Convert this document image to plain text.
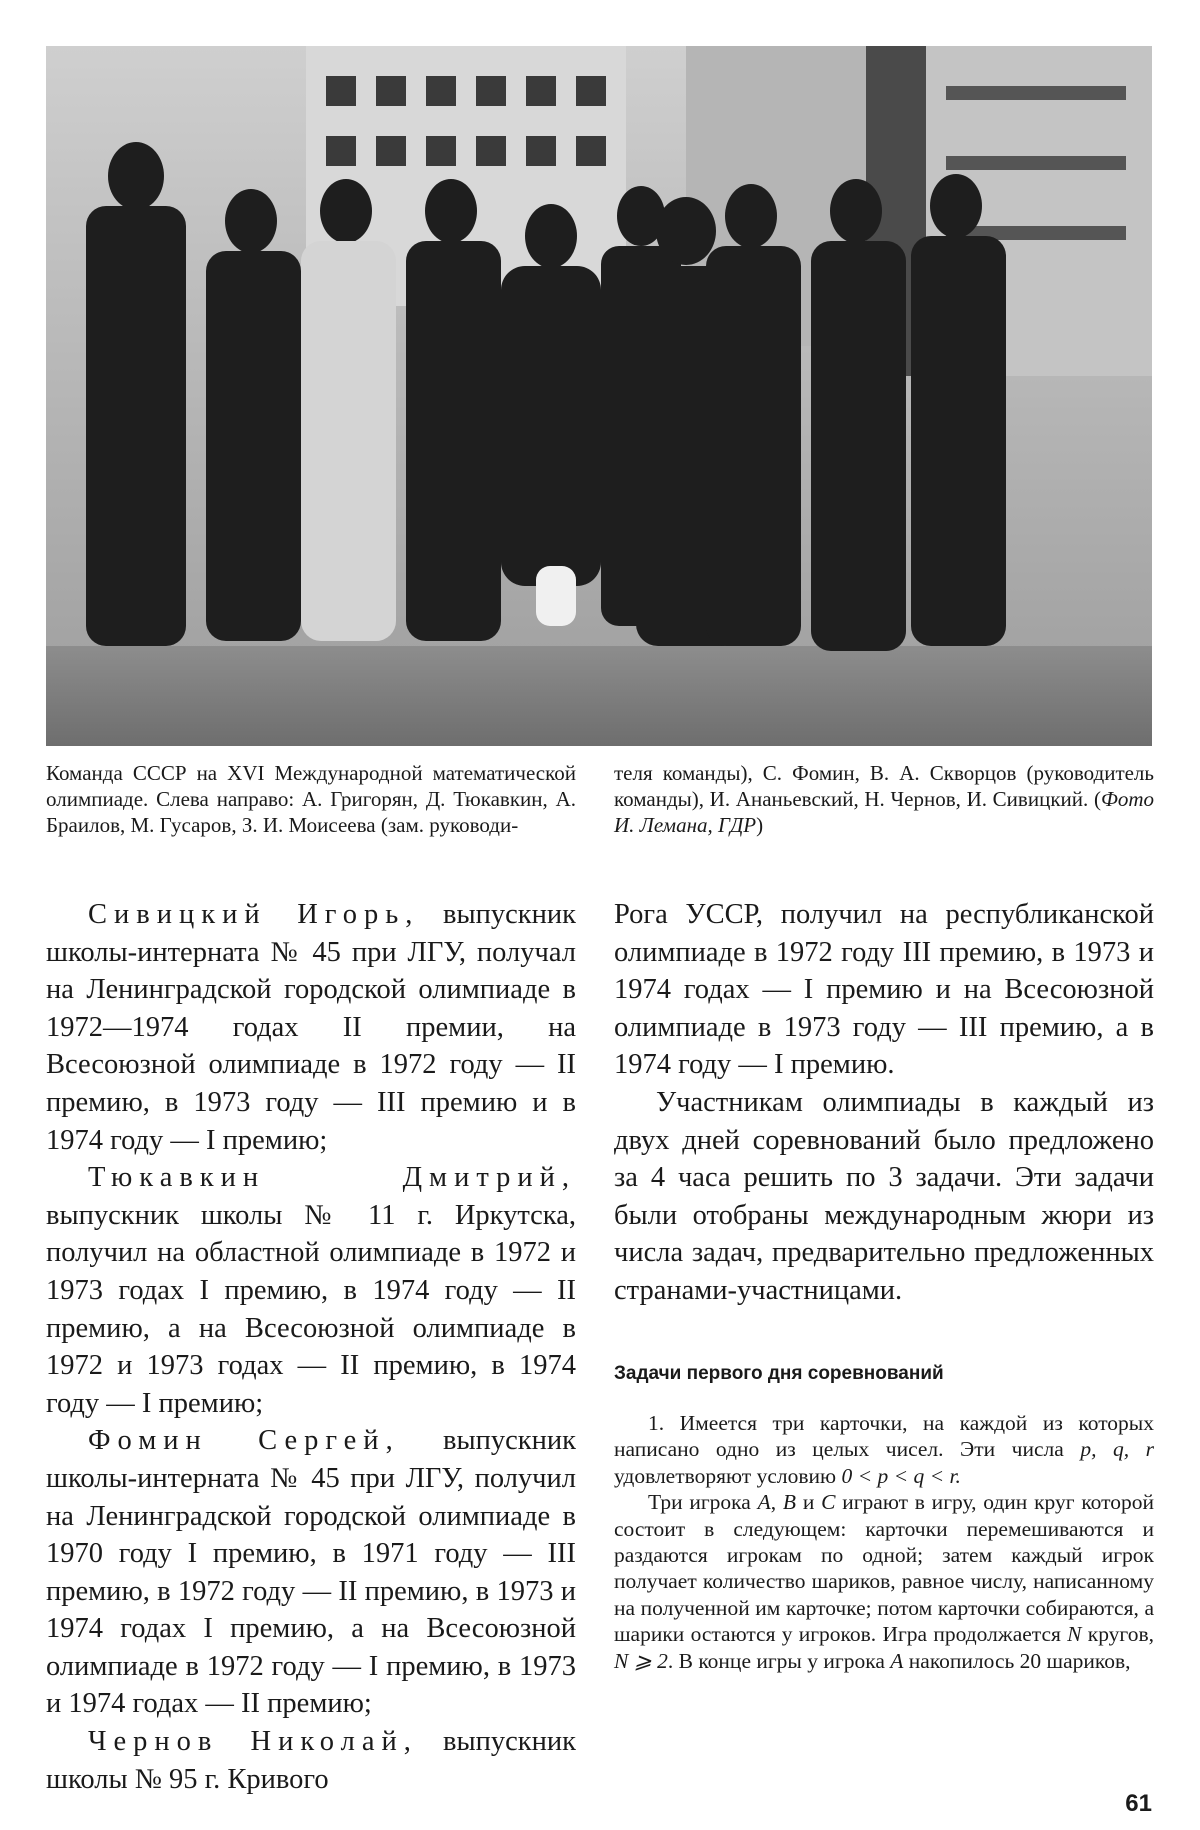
Команда СССР на XVI Международной математической олимпиаде. Слева направо: А. Григорян, Д. Тюкавкин, А. Браилов, М. Гусаров, З. И. Моисеева (зам. руководи-
теля команды), С. Фомин, В. А. Скворцов (руководитель команды), И. Ананьевский, Н. Чернов, И. Сивицкий. (Фото И. Лемана, ГДР)

Сивицкий Игорь, выпускник школы-интерната № 45 при ЛГУ, получал на Ленинградской городской олимпиаде в 1972—1974 годах II премии, на Всесоюзной олимпиаде в 1972 году — II премию, в 1973 году — III премию и в 1974 году — I премию;

Тюкавкин Дмитрий, выпускник школы № 11 г. Иркутска, получил на областной олимпиаде в 1972 и 1973 годах I премию, в 1974 году — II премию, а на Всесоюзной олимпиаде в 1972 и 1973 годах — II премию, в 1974 году — I премию;

Фомин Сергей, выпускник школы-интерната № 45 при ЛГУ, получил на Ленинградской городской олимпиаде в 1970 году I премию, в 1971 году — III премию, в 1972 году — II премию, в 1973 и 1974 годах I премию, а на Всесоюзной олимпиаде в 1972 году — I премию, в 1973 и 1974 годах — II премию;

Чернов Николай, выпускник школы № 95 г. Кривого

Рога УССР, получил на республиканской олимпиаде в 1972 году III премию, в 1973 и 1974 годах — I премию и на Всесоюзной олимпиаде в 1973 году — III премию, а в 1974 году — I премию.

Участникам олимпиады в каждый из двух дней соревнований было предложено за 4 часа решить по 3 задачи. Эти задачи были отобраны международным жюри из числа задач, предварительно предложенных странами-участницами.

Задачи первого дня соревнований

1. Имеется три карточки, на каждой из которых написано одно из целых чисел. Эти числа p, q, r удовлетворяют условию 0 < p < q < r.

Три игрока A, B и C играют в игру, один круг которой состоит в следующем: карточки перемешиваются и раздаются игрокам по одной; затем каждый игрок получает количество шариков, равное числу, написанному на полученной им карточке; потом карточки собираются, а шарики остаются у игроков. Игра продолжается N кругов, N ⩾ 2. В конце игры у игрока A накопилось 20 шариков,

61
